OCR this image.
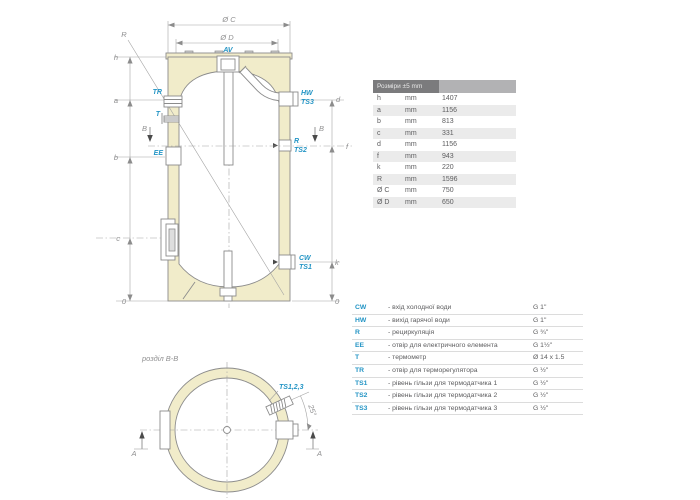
Ø C
Ø D
R
h
a
b
c
0
d
f
k
0
B	B
AV
TR
T
EE
HW
TS3
R
TS2
CW
TS1
розділ B-B
25°
TS1,2,3
A	A
Розміри ±5 mm
h	mm	1407
a	mm	1156
b	mm	813
c	mm	331
d	mm	1156
f	mm	943
k	mm	220
R	mm	1596
Ø C	mm	750
Ø D	mm	650
CW	- вхід холодної води	G 1"
HW	- вихід гарячої води	G 1"
R	- рециркуляція	G ¾"
EE	- отвір для електричного елемента	G 1½"
T	- термометр	Ø 14 x 1.5
TR	- отвір для терморегулятора	G ½"
TS1	- рівень гільзи для термодатчика 1	G ½"
TS2	- рівень гільзи для термодатчика 2	G ½"
TS3	- рівень гільзи для термодатчика 3	G ½"
